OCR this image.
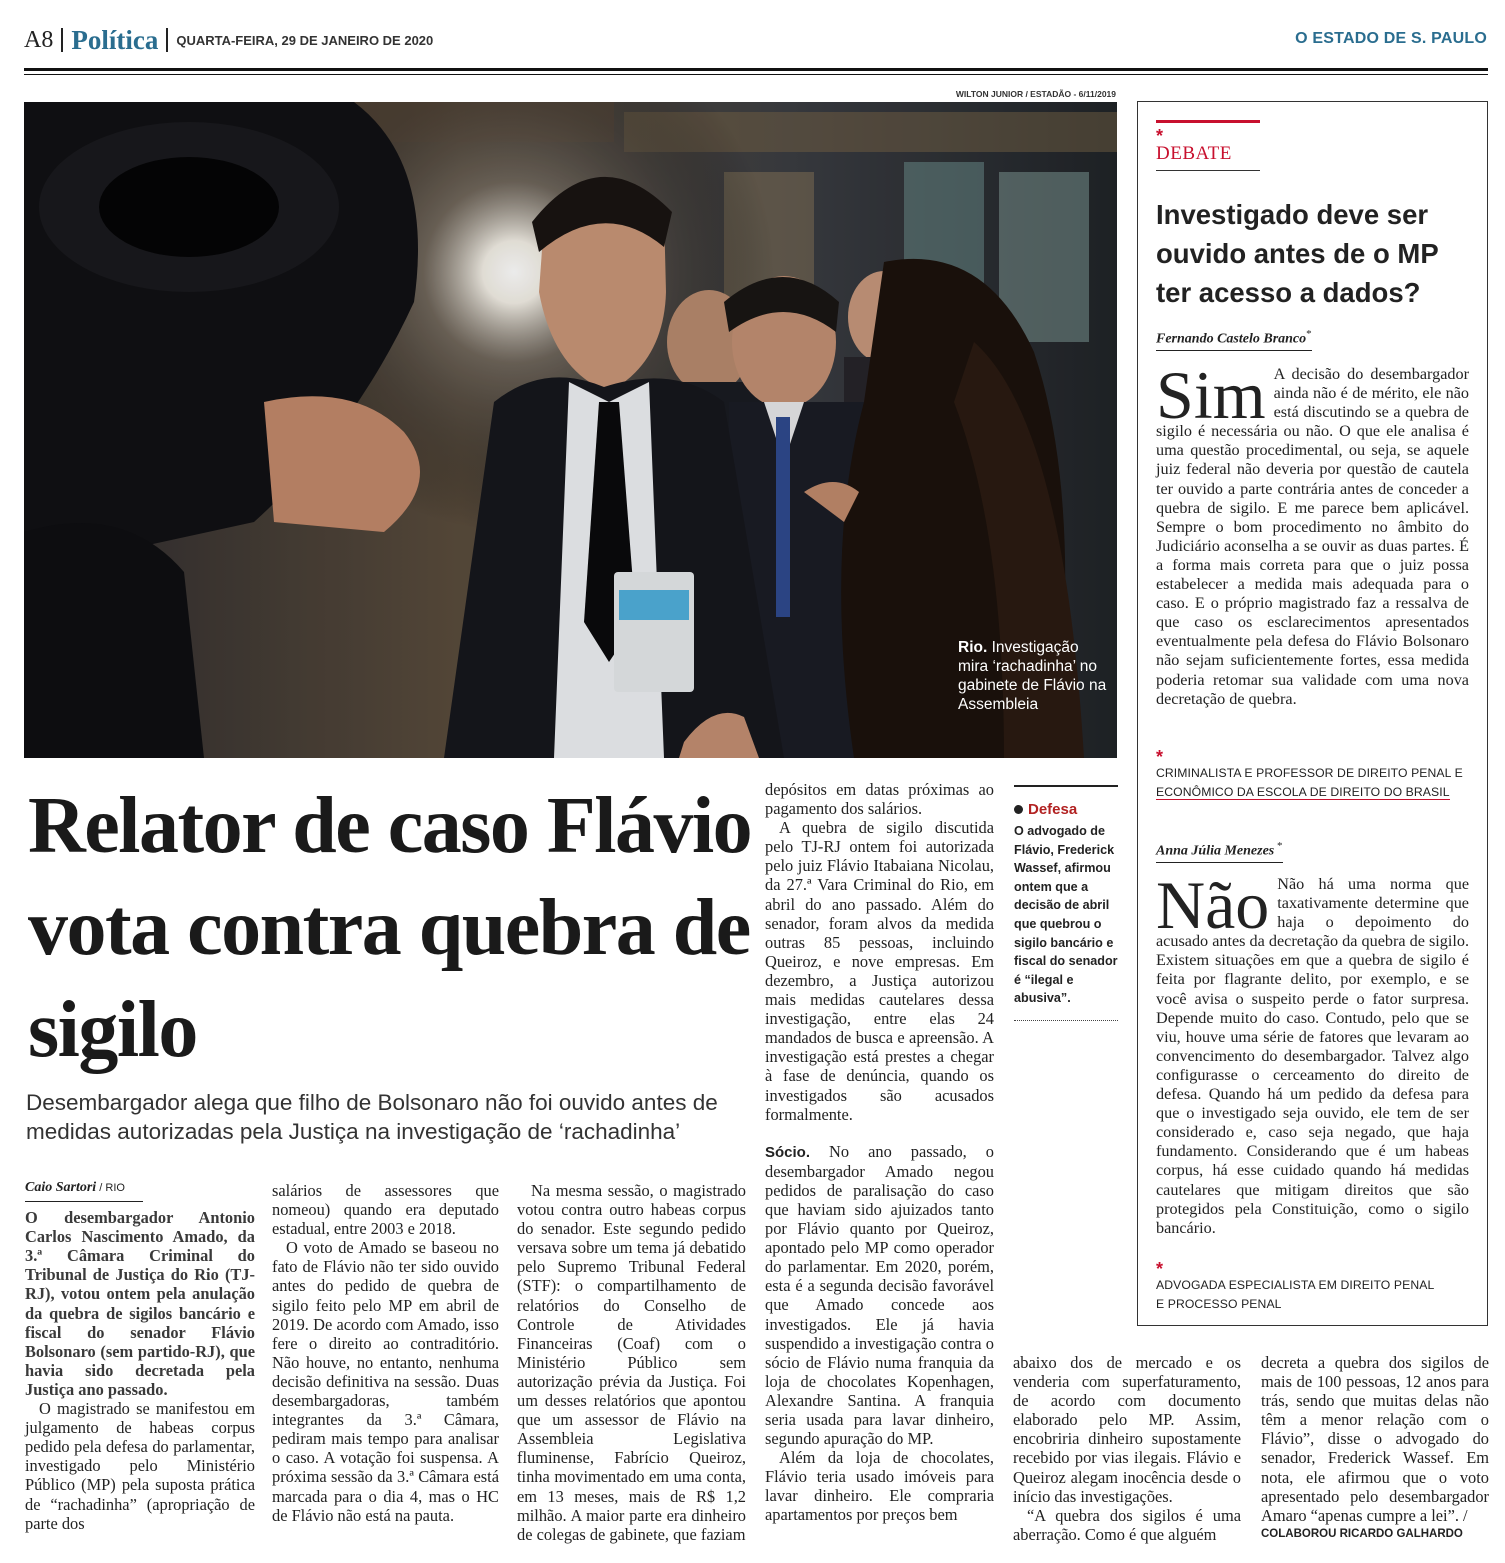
A8 Política QUARTA-FEIRA, 29 DE JANEIRO DE 2020	O ESTADO DE S. PAULO
WILTON JUNIOR / ESTADÃO - 6/11/2019
Rio. Investigação mira ‘rachadinha’ no gabinete de Flávio na Assembleia
Relator de caso Flávio vota contra quebra de sigilo
Desembargador alega que filho de Bolsonaro não foi ouvido antes de medidas autorizadas pela Justiça na investigação de ‘rachadinha’
Caio Sartori / RIO

O desembargador Antonio Carlos Nascimento Amado, da 3.ª Câmara Criminal do Tribunal de Justiça do Rio (TJ-RJ), votou ontem pela anulação da quebra de sigilos bancário e fiscal do senador Flávio Bolsonaro (sem partido-RJ), que havia sido decretada pela Justiça ano passado.

O magistrado se manifestou em julgamento de habeas corpus pedido pela defesa do parlamentar, investigado pelo Ministério Público (MP) pela suposta prática de “rachadinha” (apropriação de parte dos

salários de assessores que nomeou) quando era deputado estadual, entre 2003 e 2018.

O voto de Amado se baseou no fato de Flávio não ter sido ouvido antes do pedido de quebra de sigilo feito pelo MP em abril de 2019. De acordo com Amado, isso fere o direito ao contraditório. Não houve, no entanto, nenhuma decisão definitiva na sessão. Duas desembargadoras, também integrantes da 3.ª Câmara, pediram mais tempo para analisar o caso. A votação foi suspensa. A próxima sessão da 3.ª Câmara está marcada para o dia 4, mas o HC de Flávio não está na pauta.

Na mesma sessão, o magistrado votou contra outro habeas corpus do senador. Este segundo pedido versava sobre um tema já debatido pelo Supremo Tribunal Federal (STF): o compartilhamento de relatórios do Conselho de Controle de Atividades Financeiras (Coaf) com o Ministério Público sem autorização prévia da Justiça. Foi um desses relatórios que apontou que um assessor de Flávio na Assembleia Legislativa fluminense, Fabrício Queiroz, tinha movimentado em uma conta, em 13 meses, mais de R$ 1,2 milhão. A maior parte era dinheiro de colegas de gabinete, que faziam

depósitos em datas próximas ao pagamento dos salários.

A quebra de sigilo discutida pelo TJ-RJ ontem foi autorizada pelo juiz Flávio Itabaiana Nicolau, da 27.ª Vara Criminal do Rio, em abril do ano passado. Além do senador, foram alvos da medida outras 85 pessoas, incluindo Queiroz, e nove empresas. Em dezembro, a Justiça autorizou mais medidas cautelares dessa investigação, entre elas 24 mandados de busca e apreensão. A investigação está prestes a chegar à fase de denúncia, quando os investigados são acusados formalmente.

Sócio. No ano passado, o desembargador Amado negou pedidos de paralisação do caso que haviam sido ajuizados tanto por Flávio quanto por Queiroz, apontado pelo MP como operador do parlamentar. Em 2020, porém, esta é a segunda decisão favorável que Amado concede aos investigados. Ele já havia suspendido a investigação contra o sócio de Flávio numa franquia da loja de chocolates Kopenhagen, Alexandre Santina. A franquia seria usada para lavar dinheiro, segundo apuração do MP.

Além da loja de chocolates, Flávio teria usado imóveis para lavar dinheiro. Ele compraria apartamentos por preços bem

abaixo dos de mercado e os venderia com superfaturamento, de acordo com documento elaborado pelo MP. Assim, encobriria dinheiro supostamente recebido por vias ilegais. Flávio e Queiroz alegam inocência desde o início das investigações.

“A quebra dos sigilos é uma aberração. Como é que alguém

decreta a quebra dos sigilos de mais de 100 pessoas, 12 anos para trás, sendo que muitas delas não têm a menor relação com o Flávio”, disse o advogado do senador, Frederick Wassef. Em nota, ele afirmou que o voto apresentado pelo desembargador Amaro “apenas cumpre a lei”. /

COLABOROU RICARDO GALHARDO
Defesa
O advogado de Flávio, Frederick Wassef, afirmou ontem que a decisão de abril que quebrou o sigilo bancário e fiscal do senador é “ilegal e abusiva”.
*
DEBATE
Investigado deve ser ouvido antes de o MP ter acesso a dados?
Fernando Castelo Branco*
Sim A decisão do desembargador ainda não é de mérito, ele não está discutindo se a quebra de sigilo é necessária ou não. O que ele analisa é uma questão procedimental, ou seja, se aquele juiz federal não deveria por questão de cautela ter ouvido a parte contrária antes de conceder a quebra de sigilo. E me parece bem aplicável. Sempre o bom procedimento no âmbito do Judiciário aconselha a se ouvir as duas partes. É a forma mais correta para que o juiz possa estabelecer a medida mais adequada para o caso. E o próprio magistrado faz a ressalva de que caso os esclarecimentos apresentados eventualmente pela defesa do Flávio Bolsonaro não sejam suficientemente fortes, essa medida poderia retomar sua validade com uma nova decretação de quebra.
*
CRIMINALISTA E PROFESSOR DE DIREITO PENAL E
ECONÔMICO DA ESCOLA DE DIREITO DO BRASIL
Anna Júlia Menezes *
Não Não há uma norma que taxativamente determine que haja o depoimento do acusado antes da decretação da quebra de sigilo. Existem situações em que a quebra de sigilo é feita por flagrante delito, por exemplo, e se você avisa o suspeito perde o fator surpresa. Depende muito do caso. Contudo, pelo que se viu, houve uma série de fatores que levaram ao convencimento do desembargador. Talvez algo configurasse o cerceamento do direito de defesa. Quando há um pedido da defesa para que o investigado seja ouvido, ele tem de ser considerado e, caso seja negado, que haja fundamento. Considerando que é um habeas corpus, há esse cuidado quando há medidas cautelares que mitigam direitos que são protegidos pela Constituição, como o sigilo bancário.
*
ADVOGADA ESPECIALISTA EM DIREITO PENAL
E PROCESSO PENAL
